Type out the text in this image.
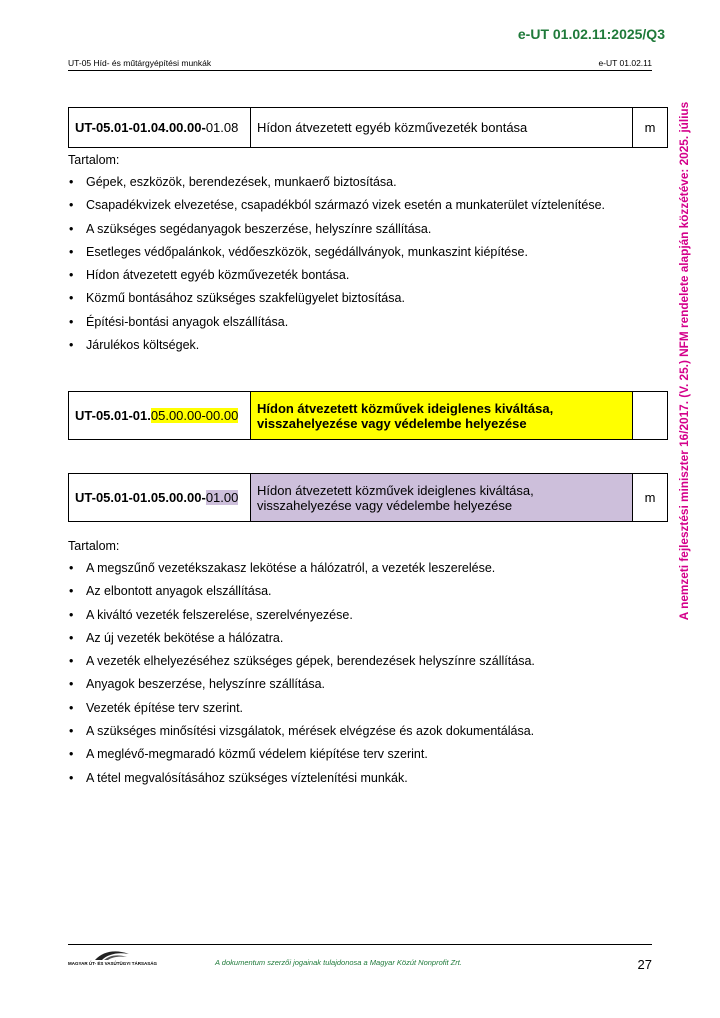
e-UT 01.02.11:2025/Q3
UT-05 Híd- és műtárgyépítési munkák	e-UT 01.02.11
A nemzeti fejlesztési miniszter 16/2017. (V. 25.) NFM rendelete alapján közzétéve: 2025. július
UT-05.01-01.04.00.00-01.08	Hídon átvezetett egyéb közművezeték bontása	m
Tartalom:
• Gépek, eszközök, berendezések, munkaerő biztosítása.
• Csapadékvizek elvezetése, csapadékból származó vizek esetén a munkaterület víztelenítése.
• A szükséges segédanyagok beszerzése, helyszínre szállítása.
• Esetleges védőpalánkok, védőeszközök, segédállványok, munkaszint kiépítése.
• Hídon átvezetett egyéb közművezeték bontása.
• Közmű bontásához szükséges szakfelügyelet biztosítása.
• Építési-bontási anyagok elszállítása.
• Járulékos költségek.
UT-05.01-01.05.00.00-00.00	Hídon átvezetett közművek ideiglenes kiváltása,
visszahelyezése vagy védelembe helyezése

UT-05.01-01.05.00.00-01.00	Hídon átvezetett közművek ideiglenes kiváltása,
visszahelyezése vagy védelembe helyezése	m
Tartalom:
• A megszűnő vezetékszakasz lekötése a hálózatról, a vezeték leszerelése.
• Az elbontott anyagok elszállítása.
• A kiváltó vezeték felszerelése, szerelvényezése.
• Az új vezeték bekötése a hálózatra.
• A vezeték elhelyezéséhez szükséges gépek, berendezések helyszínre szállítása.
• Anyagok beszerzése, helyszínre szállítása.
• Vezeték építése terv szerint.
• A szükséges minősítési vizsgálatok, mérések elvégzése és azok dokumentálása.
• A meglévő-megmaradó közmű védelem kiépítése terv szerint.
• A tétel megvalósításához szükséges víztelenítési munkák.
MAGYAR ÚT- ÉS VASÚTÜGYI TÁRSASÁG	A dokumentum szerzői jogainak tulajdonosa a Magyar Közút Nonprofit Zrt.	27
